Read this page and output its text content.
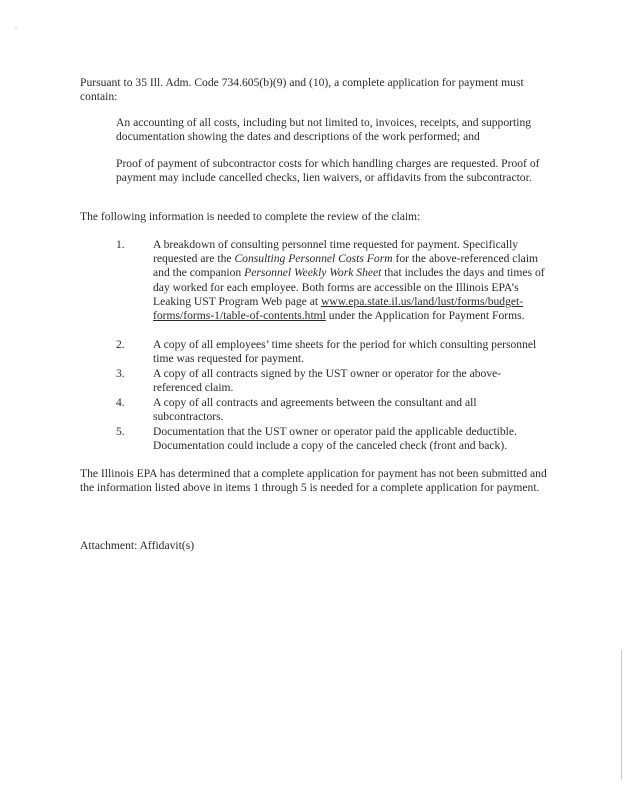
Pursuant to 35 Ill. Adm. Code 734.605(b)(9) and (10), a complete application for payment must contain:

An accounting of all costs, including but not limited to, invoices, receipts, and supporting documentation showing the dates and descriptions of the work performed; and

Proof of payment of subcontractor costs for which handling charges are requested. Proof of payment may include cancelled checks, lien waivers, or affidavits from the subcontractor.

The following information is needed to complete the review of the claim:

1. A breakdown of consulting personnel time requested for payment. Specifically requested are the Consulting Personnel Costs Form for the above-referenced claim and the companion Personnel Weekly Work Sheet that includes the days and times of day worked for each employee. Both forms are accessible on the Illinois EPA’s Leaking UST Program Web page at www.epa.state.il.us/land/lust/forms/budget-forms/forms-1/table-of-contents.html under the Application for Payment Forms.
2. A copy of all employees’ time sheets for the period for which consulting personnel time was requested for payment.
3. A copy of all contracts signed by the UST owner or operator for the above-referenced claim.
4. A copy of all contracts and agreements between the consultant and all subcontractors.
5. Documentation that the UST owner or operator paid the applicable deductible. Documentation could include a copy of the canceled check (front and back).

The Illinois EPA has determined that a complete application for payment has not been submitted and the information listed above in items 1 through 5 is needed for a complete application for payment.

Attachment: Affidavit(s)
